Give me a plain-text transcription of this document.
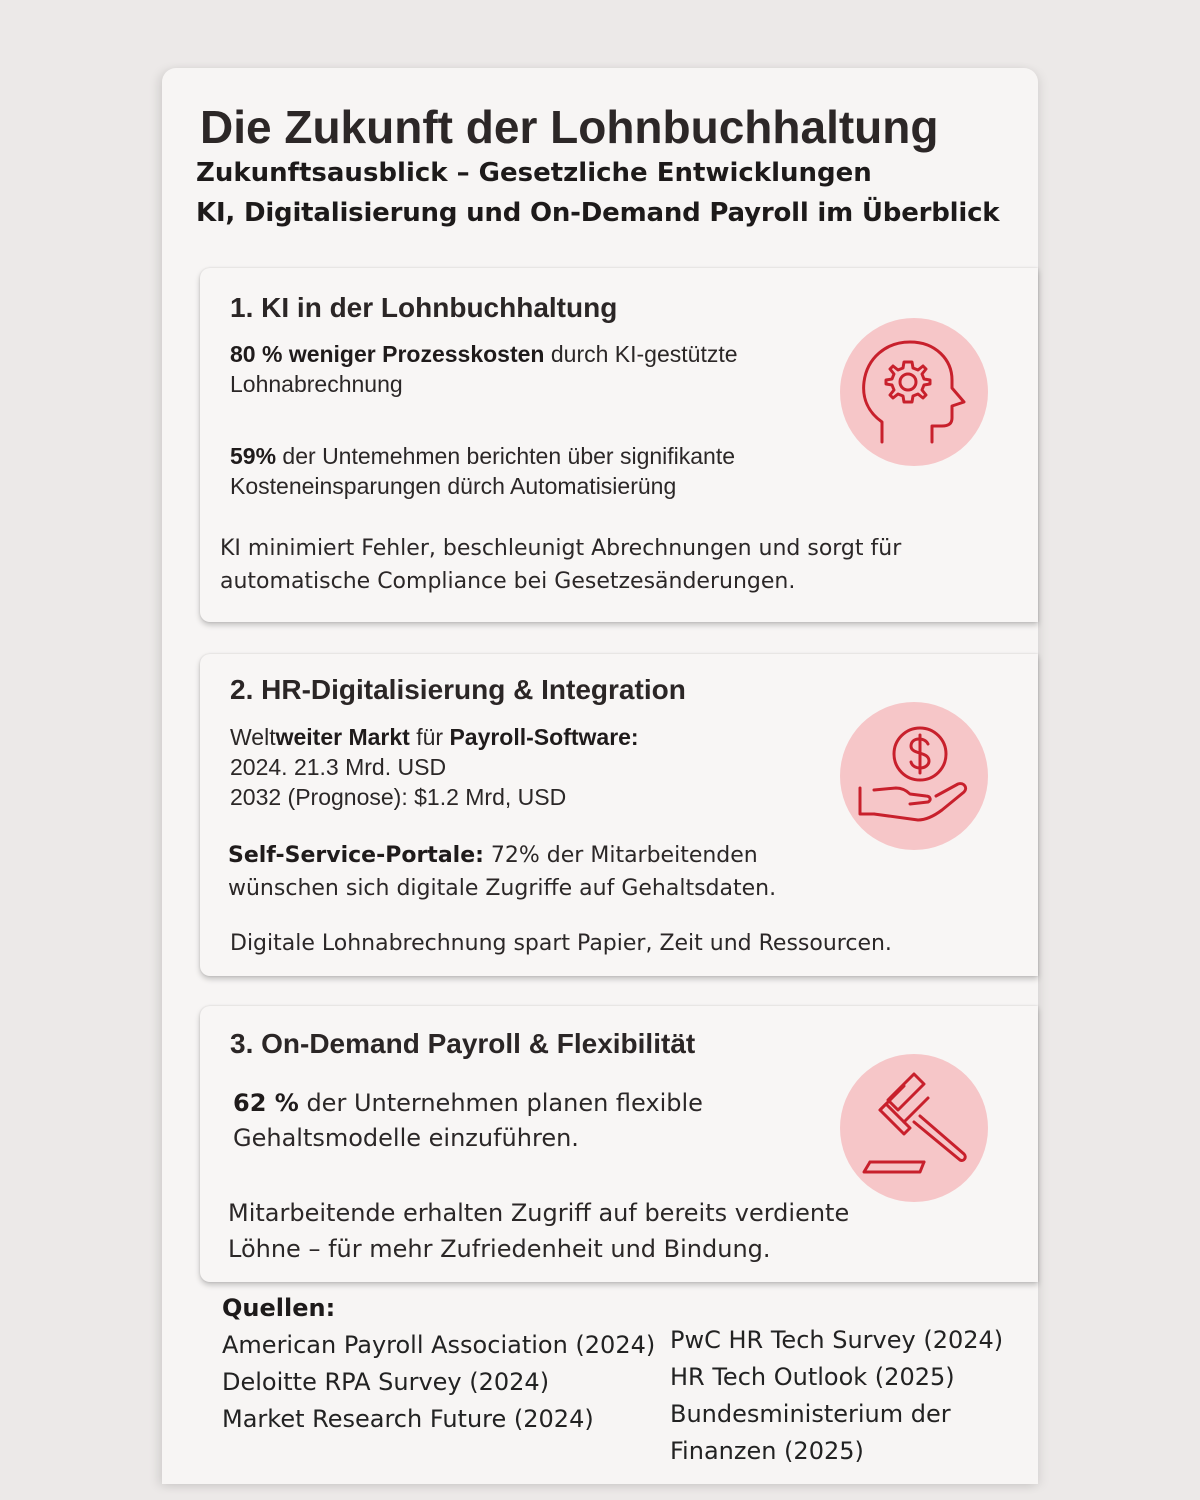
Die Zukunft der Lohnbuchhaltung
Zukunftsausblick – Gesetzliche Entwicklungen
KI, Digitalisierung und On-Demand Payroll im Überblick
1. KI in der Lohnbuchhaltung
80 % weniger Prozesskosten durch KI-gestützte
Lohnabrechnung
59% der Untemehmen berichten über signifikante
Kosteneinsparungen dürch Automatisierüng
KI minimiert Fehler, beschleunigt Abrechnungen und sorgt für
automatische Compliance bei Gesetzesänderungen.
2. HR-Digitalisierung & Integration
Weltweiter Markt für Payroll-Software:
2024. 21.3 Mrd. USD
2032 (Prognose): $1.2 Mrd, USD
Self-Service-Portale: 72% der Mitarbeitenden
wünschen sich digitale Zugriffe auf Gehaltsdaten.
Digitale Lohnabrechnung spart Papier, Zeit und Ressourcen.
3. On-Demand Payroll & Flexibilität
62 % der Unternehmen planen flexible
Gehaltsmodelle einzuführen.
Mitarbeitende erhalten Zugriff auf bereits verdiente
Löhne – für mehr Zufriedenheit und Bindung.
Quellen:
American Payroll Association (2024)
Deloitte RPA Survey (2024)
Market Research Future (2024)
PwC HR Tech Survey (2024)
HR Tech Outlook (2025)
Bundesministerium der
Finanzen (2025)
